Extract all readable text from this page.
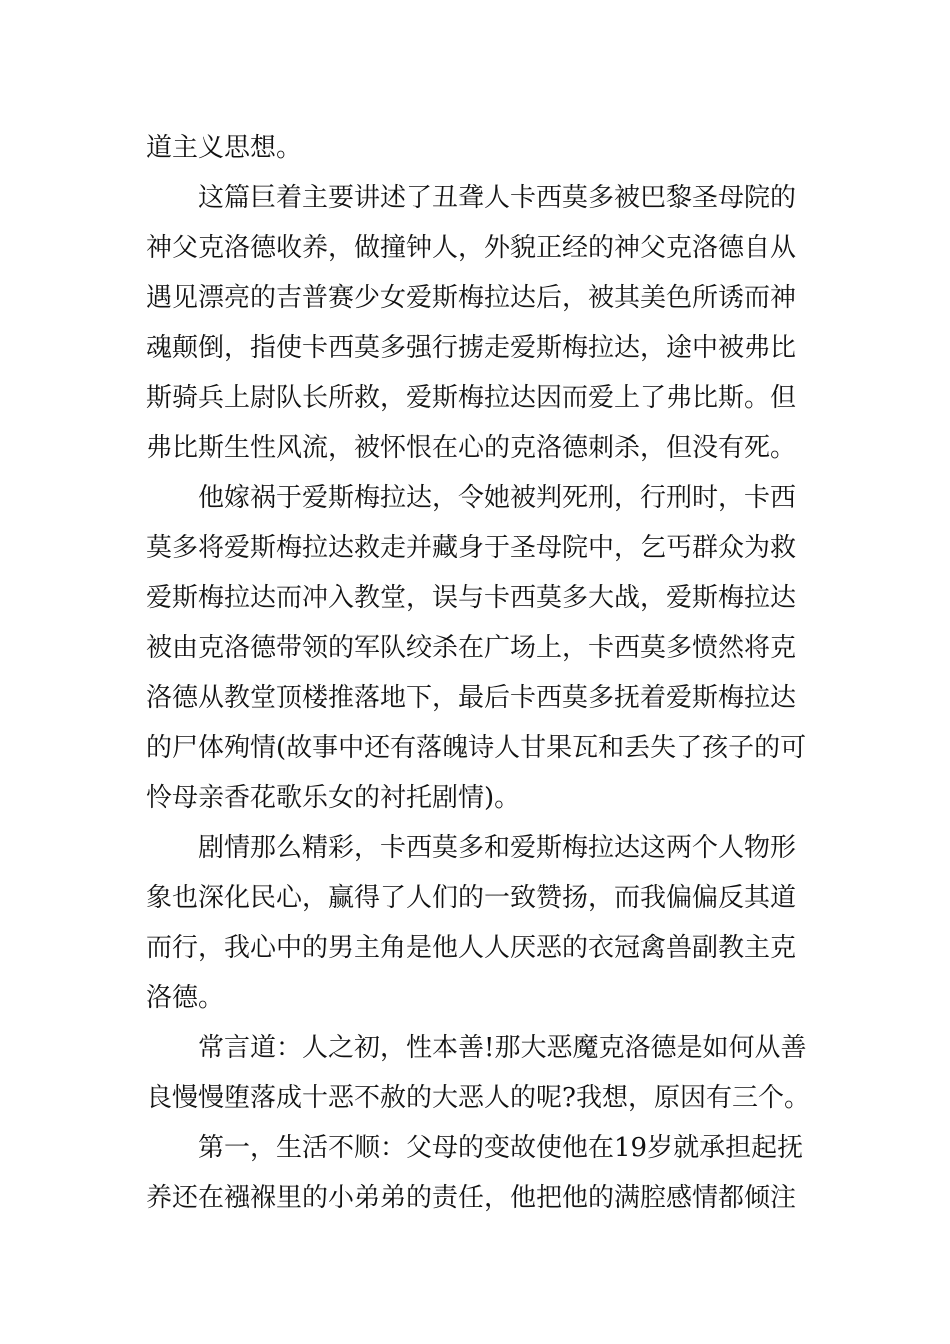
道主义思想。
　　这篇巨着主要讲述了丑聋人卡西莫多被巴黎圣母院的
神父克洛德收养，做撞钟人，外貌正经的神父克洛德自从
遇见漂亮的吉普赛少女爱斯梅拉达后，被其美色所诱而神
魂颠倒，指使卡西莫多强行掳走爱斯梅拉达，途中被弗比
斯骑兵上尉队长所救，爱斯梅拉达因而爱上了弗比斯。但
弗比斯生性风流，被怀恨在心的克洛德刺杀，但没有死。
　　他嫁祸于爱斯梅拉达，令她被判死刑，行刑时，卡西
莫多将爱斯梅拉达救走并藏身于圣母院中，乞丐群众为救
爱斯梅拉达而冲入教堂，误与卡西莫多大战，爱斯梅拉达
被由克洛德带领的军队绞杀在广场上，卡西莫多愤然将克
洛德从教堂顶楼推落地下，最后卡西莫多抚着爱斯梅拉达
的尸体殉情(故事中还有落魄诗人甘果瓦和丢失了孩子的可
怜母亲香花歌乐女的衬托剧情)。
　　剧情那么精彩，卡西莫多和爱斯梅拉达这两个人物形
象也深化民心，赢得了人们的一致赞扬，而我偏偏反其道
而行，我心中的男主角是他人人厌恶的衣冠禽兽副教主克
洛德。
　　常言道：人之初，性本善!那大恶魔克洛德是如何从善
良慢慢堕落成十恶不赦的大恶人的呢?我想，原因有三个。
　　第一，生活不顺：父母的变故使他在19岁就承担起抚
养还在襁褓里的小弟弟的责任，他把他的满腔感情都倾注
